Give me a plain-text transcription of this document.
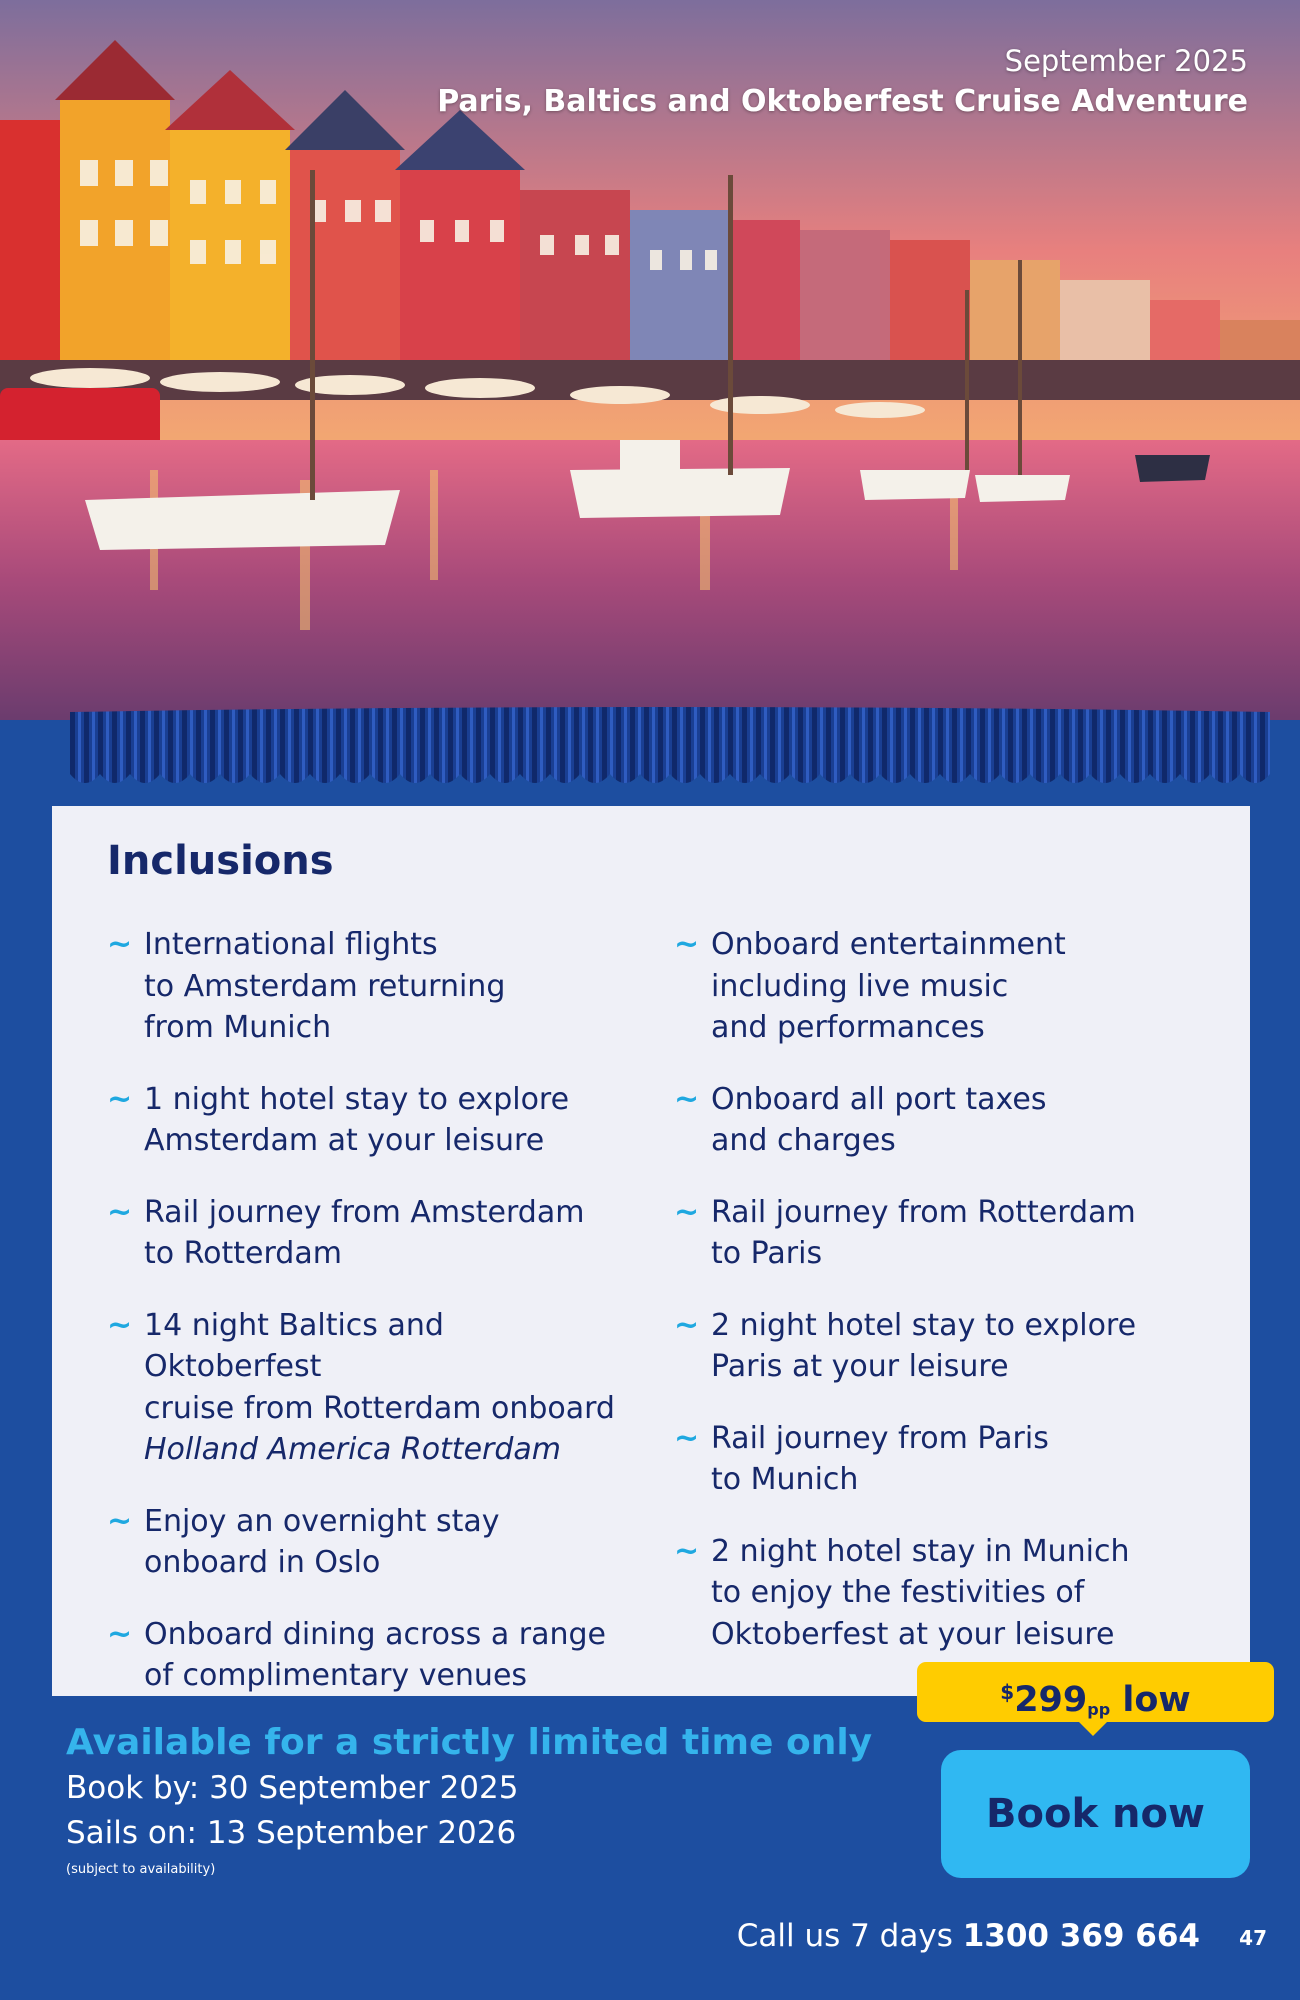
September 2025
Paris, Baltics and Oktoberfest Cruise Adventure
Inclusions
~ International flights
to Amsterdam returning
from Munich
~ 1 night hotel stay to explore
Amsterdam at your leisure
~ Rail journey from Amsterdam
to Rotterdam
~ 14 night Baltics and Oktoberfest
cruise from Rotterdam onboard
Holland America Rotterdam
~ Enjoy an overnight stay
onboard in Oslo
~ Onboard dining across a range
of complimentary venues
~ Onboard entertainment
including live music
and performances
~ Onboard all port taxes
and charges
~ Rail journey from Rotterdam
to Paris
~ 2 night hotel stay to explore
Paris at your leisure
~ Rail journey from Paris
to Munich
~ 2 night hotel stay in Munich
to enjoy the festivities of
Oktoberfest at your leisure
$^{\$}299_{pp}$ low
Available for a strictly limited time only
Book by: 30 September 2025
Sails on: 13 September 2026
(subject to availability)
Book now
Call us 7 days 1300 369 664 47
